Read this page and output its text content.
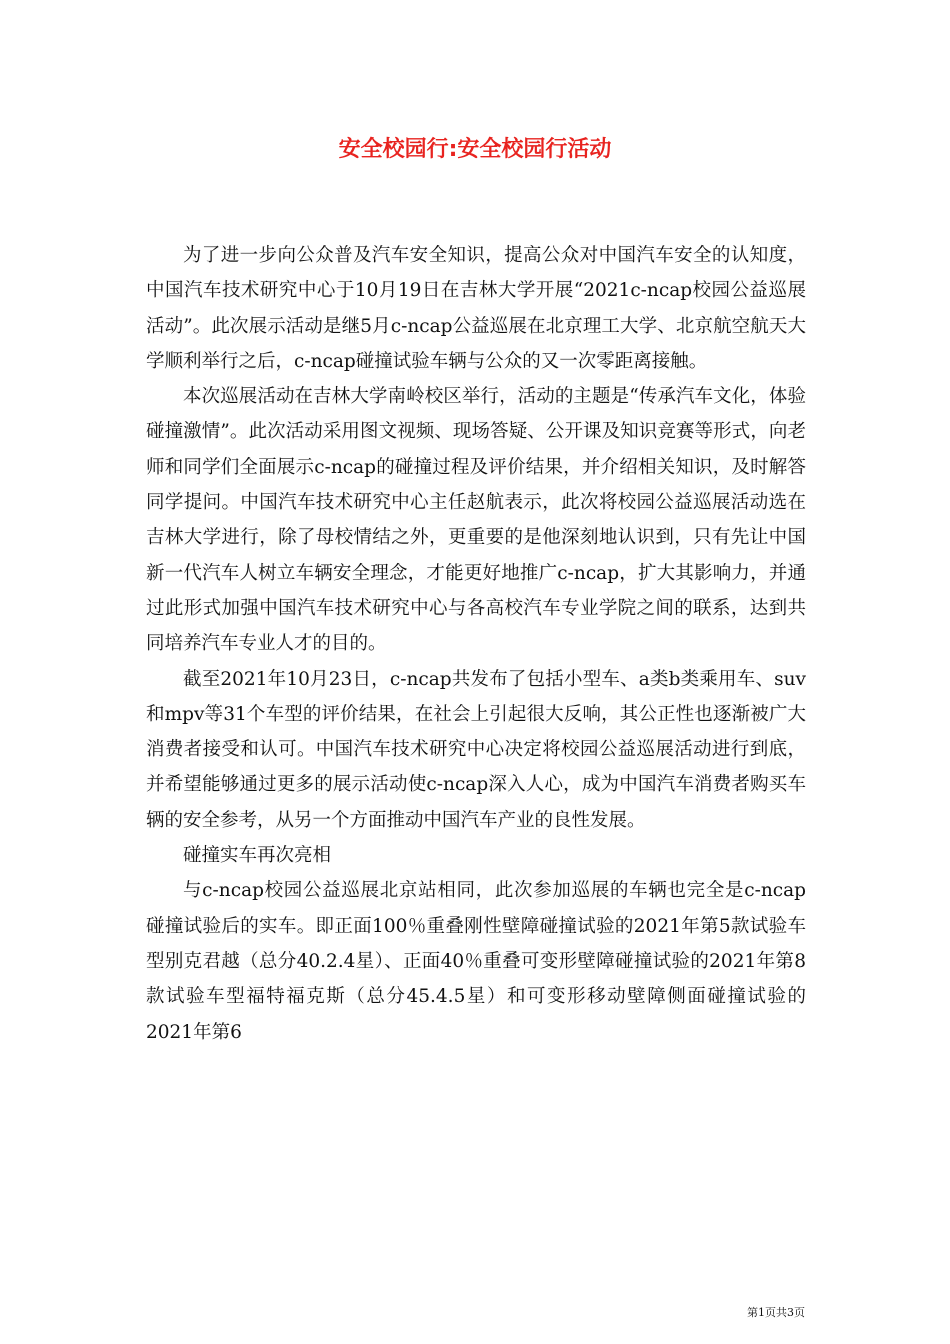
安全校园行:安全校园行活动

为了进一步向公众普及汽车安全知识，提高公众对中国汽车安全的认知度，中国汽车技术研究中心于10月19日在吉林大学开展“2021c-ncap校园公益巡展活动”。此次展示活动是继5月c-ncap公益巡展在北京理工大学、北京航空航天大学顺利举行之后，c-ncap碰撞试验车辆与公众的又一次零距离接触。

本次巡展活动在吉林大学南岭校区举行，活动的主题是“传承汽车文化，体验碰撞激情”。此次活动采用图文视频、现场答疑、公开课及知识竞赛等形式，向老师和同学们全面展示c-ncap的碰撞过程及评价结果，并介绍相关知识，及时解答同学提问。中国汽车技术研究中心主任赵航表示，此次将校园公益巡展活动选在吉林大学进行，除了母校情结之外，更重要的是他深刻地认识到，只有先让中国新一代汽车人树立车辆安全理念，才能更好地推广c-ncap，扩大其影响力，并通过此形式加强中国汽车技术研究中心与各高校汽车专业学院之间的联系，达到共同培养汽车专业人才的目的。

截至2021年10月23日，c-ncap共发布了包括小型车、a类b类乘用车、suv和mpv等31个车型的评价结果，在社会上引起很大反响，其公正性也逐渐被广大消费者接受和认可。中国汽车技术研究中心决定将校园公益巡展活动进行到底，并希望能够通过更多的展示活动使c-ncap深入人心，成为中国汽车消费者购买车辆的安全参考，从另一个方面推动中国汽车产业的良性发展。

碰撞实车再次亮相

与c-ncap校园公益巡展北京站相同，此次参加巡展的车辆也完全是c-ncap碰撞试验后的实车。即正面100％重叠刚性壁障碰撞试验的2021年第5款试验车型别克君越（总分40.2.4星）、正面40％重叠可变形壁障碰撞试验的2021年第8款试验车型福特福克斯（总分45.4.5星）和可变形移动壁障侧面碰撞试验的2021年第6

第1页共3页
